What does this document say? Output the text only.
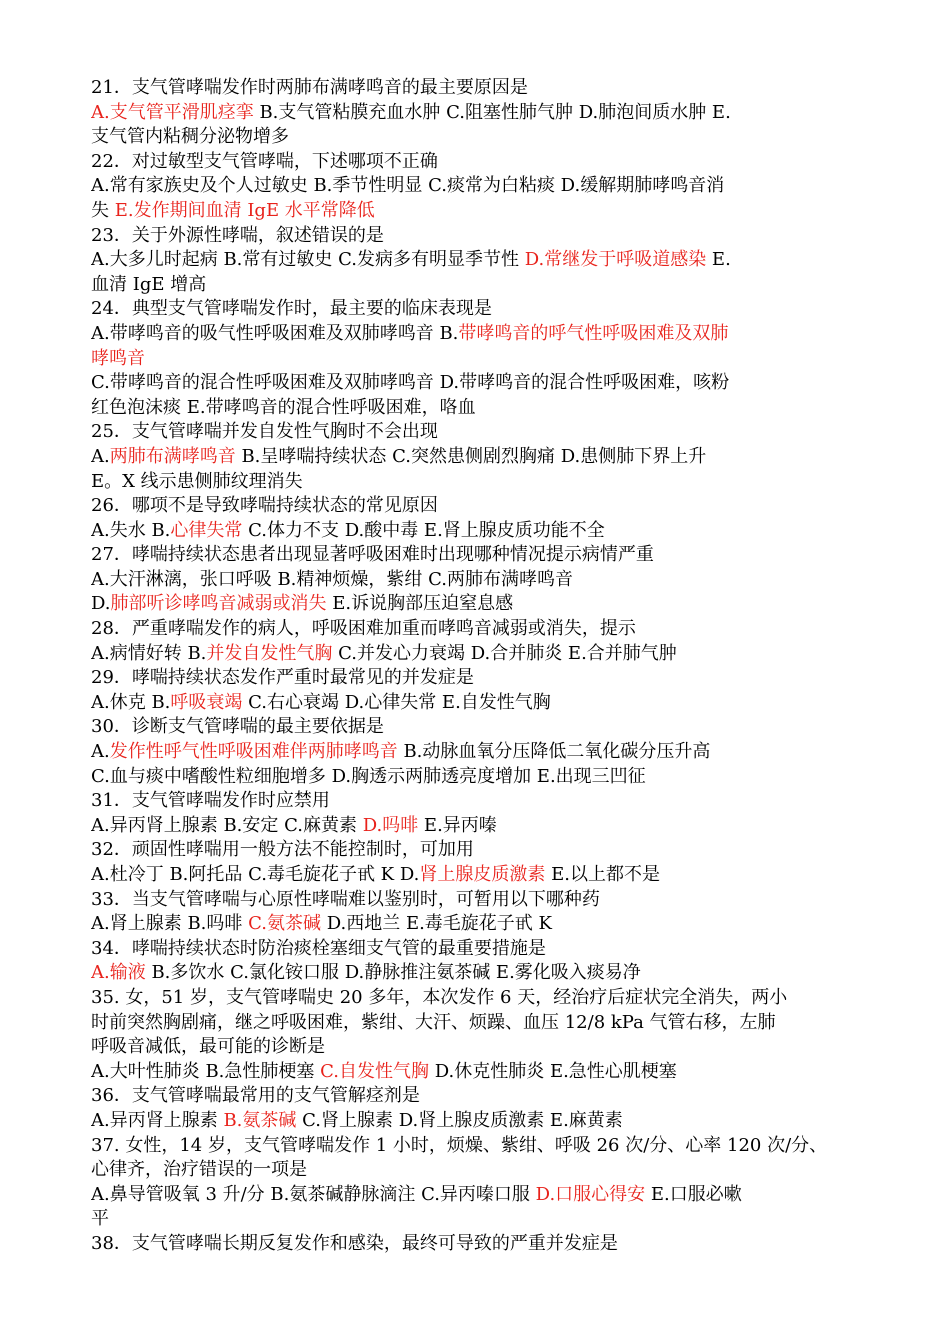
21．支气管哮喘发作时两肺布满哮鸣音的最主要原因是
A.支气管平滑肌痉挛 B.支气管粘膜充血水肿 C.阻塞性肺气肿 D.肺泡间质水肿 E.
支气管内粘稠分泌物增多
22．对过敏型支气管哮喘，下述哪项不正确
A.常有家族史及个人过敏史 B.季节性明显 C.痰常为白粘痰 D.缓解期肺哮鸣音消
失 E.发作期间血清 IgE 水平常降低
23．关于外源性哮喘，叙述错误的是
A.大多儿时起病 B.常有过敏史 C.发病多有明显季节性 D.常继发于呼吸道感染 E.
血清 IgE 增高
24．典型支气管哮喘发作时，最主要的临床表现是
A.带哮鸣音的吸气性呼吸困难及双肺哮鸣音 B.带哮鸣音的呼气性呼吸困难及双肺
哮鸣音
C.带哮鸣音的混合性呼吸困难及双肺哮鸣音 D.带哮鸣音的混合性呼吸困难，咳粉
红色泡沫痰 E.带哮鸣音的混合性呼吸困难，咯血
25．支气管哮喘并发自发性气胸时不会出现
A.两肺布满哮鸣音 B.呈哮喘持续状态 C.突然患侧剧烈胸痛 D.患侧肺下界上升
E。X 线示患侧肺纹理消失
26．哪项不是导致哮喘持续状态的常见原因
A.失水 B.心律失常 C.体力不支 D.酸中毒 E.肾上腺皮质功能不全
27．哮喘持续状态患者出现显著呼吸困难时出现哪种情况提示病情严重
A.大汗淋漓，张口呼吸 B.精神烦燥，紫绀 C.两肺布满哮鸣音
D.肺部听诊哮鸣音减弱或消失 E.诉说胸部压迫窒息感
28．严重哮喘发作的病人，呼吸困难加重而哮鸣音减弱或消失，提示
A.病情好转 B.并发自发性气胸 C.并发心力衰竭 D.合并肺炎 E.合并肺气肿
29．哮喘持续状态发作严重时最常见的并发症是
A.休克 B.呼吸衰竭 C.右心衰竭 D.心律失常 E.自发性气胸
30．诊断支气管哮喘的最主要依据是
A.发作性呼气性呼吸困难伴两肺哮鸣音 B.动脉血氧分压降低二氧化碳分压升高
C.血与痰中嗜酸性粒细胞增多 D.胸透示两肺透亮度增加 E.出现三凹征
31．支气管哮喘发作时应禁用
A.异丙肾上腺素 B.安定 C.麻黄素 D.吗啡 E.异丙嗪
32．顽固性哮喘用一般方法不能控制时，可加用
A.杜冷丁 B.阿托品 C.毒毛旋花子甙 K D.肾上腺皮质激素 E.以上都不是
33．当支气管哮喘与心原性哮喘难以鉴别时，可暂用以下哪种药
A.肾上腺素 B.吗啡 C.氨茶碱 D.西地兰 E.毒毛旋花子甙 K
34．哮喘持续状态时防治痰栓塞细支气管的最重要措施是
A.输液 B.多饮水 C.氯化铵口服 D.静脉推注氨茶碱 E.雾化吸入痰易净
35. 女，51 岁，支气管哮喘史 20 多年，本次发作 6 天，经治疗后症状完全消失，两小
时前突然胸剧痛，继之呼吸困难，紫绀、大汗、烦躁、血压 12/8 kPa 气管右移，左肺
呼吸音减低，最可能的诊断是
A.大叶性肺炎 B.急性肺梗塞 C.自发性气胸 D.休克性肺炎 E.急性心肌梗塞
36．支气管哮喘最常用的支气管解痉剂是
A.异丙肾上腺素 B.氨茶碱 C.肾上腺素 D.肾上腺皮质激素 E.麻黄素
37. 女性，14 岁，支气管哮喘发作 1 小时，烦燥、紫绀、呼吸 26 次/分、心率 120 次/分、
心律齐，治疗错误的一项是
A.鼻导管吸氧 3 升/分 B.氨茶碱静脉滴注 C.异丙嗪口服 D.口服心得安 E.口服必嗽
平
38．支气管哮喘长期反复发作和感染，最终可导致的严重并发症是
